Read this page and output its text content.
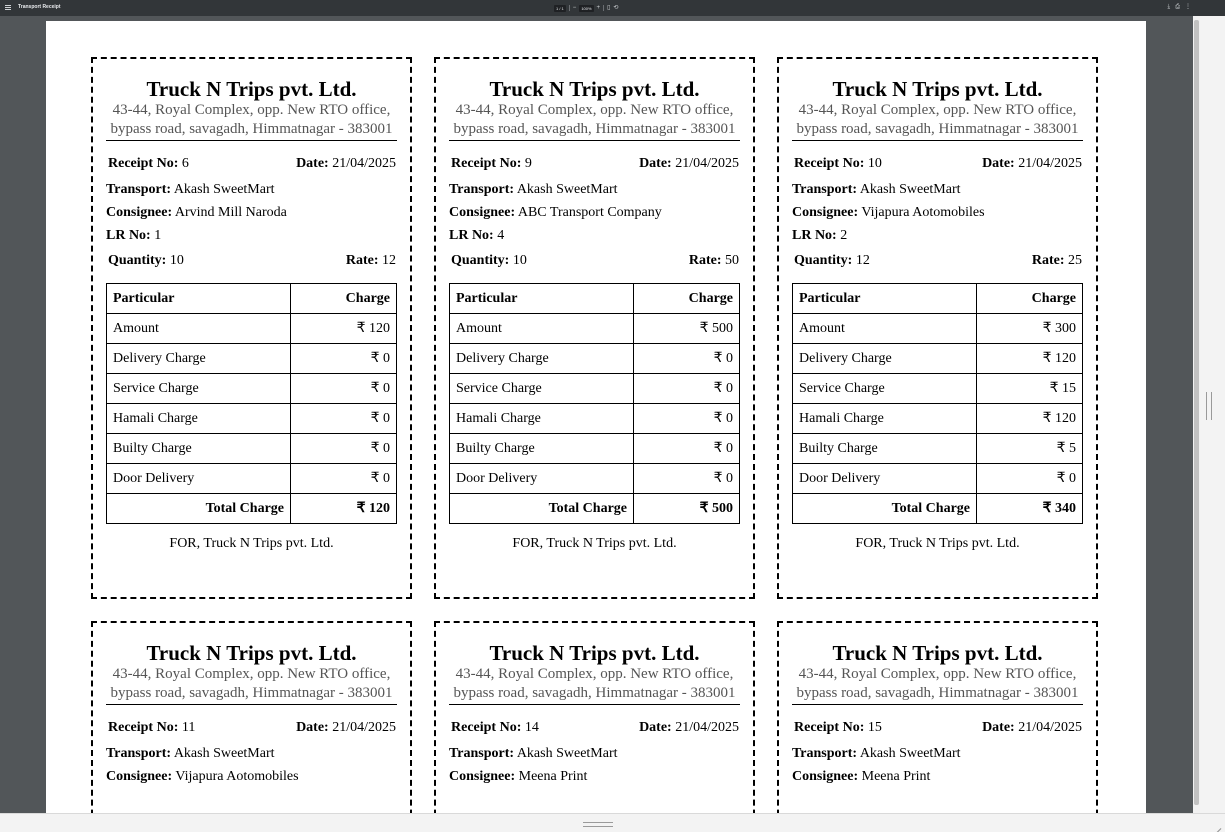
Transport Receipt	1 / 1	−	100% + ▯ ⟲	⤓ ⎙ ⋮
Truck N Trips pvt. Ltd.
43-44, Royal Complex, opp. New RTO office, bypass road, savagadh, Himmatnagar - 383001
Receipt No: 6	Date: 21/04/2025
Transport: Akash SweetMart
Consignee: Arvind Mill Naroda
LR No: 1
Quantity: 10	Rate: 12
Particular	Charge
Amount	₹ 120
Delivery Charge	₹ 0
Service Charge	₹ 0
Hamali Charge	₹ 0
Builty Charge	₹ 0
Door Delivery	₹ 0
Total Charge	₹ 120
FOR, Truck N Trips pvt. Ltd.
Truck N Trips pvt. Ltd.
43-44, Royal Complex, opp. New RTO office, bypass road, savagadh, Himmatnagar - 383001
Receipt No: 9	Date: 21/04/2025
Transport: Akash SweetMart
Consignee: ABC Transport Company
LR No: 4
Quantity: 10	Rate: 50
Particular	Charge
Amount	₹ 500
Delivery Charge	₹ 0
Service Charge	₹ 0
Hamali Charge	₹ 0
Builty Charge	₹ 0
Door Delivery	₹ 0
Total Charge	₹ 500
FOR, Truck N Trips pvt. Ltd.
Truck N Trips pvt. Ltd.
43-44, Royal Complex, opp. New RTO office, bypass road, savagadh, Himmatnagar - 383001
Receipt No: 10	Date: 21/04/2025
Transport: Akash SweetMart
Consignee: Vijapura Aotomobiles
LR No: 2
Quantity: 12	Rate: 25
Particular	Charge
Amount	₹ 300
Delivery Charge	₹ 120
Service Charge	₹ 15
Hamali Charge	₹ 120
Builty Charge	₹ 5
Door Delivery	₹ 0
Total Charge	₹ 340
FOR, Truck N Trips pvt. Ltd.
Truck N Trips pvt. Ltd.
43-44, Royal Complex, opp. New RTO office, bypass road, savagadh, Himmatnagar - 383001
Receipt No: 11	Date: 21/04/2025
Transport: Akash SweetMart
Consignee: Vijapura Aotomobiles
Truck N Trips pvt. Ltd.
43-44, Royal Complex, opp. New RTO office, bypass road, savagadh, Himmatnagar - 383001
Receipt No: 14	Date: 21/04/2025
Transport: Akash SweetMart
Consignee: Meena Print
Truck N Trips pvt. Ltd.
43-44, Royal Complex, opp. New RTO office, bypass road, savagadh, Himmatnagar - 383001
Receipt No: 15	Date: 21/04/2025
Transport: Akash SweetMart
Consignee: Meena Print
